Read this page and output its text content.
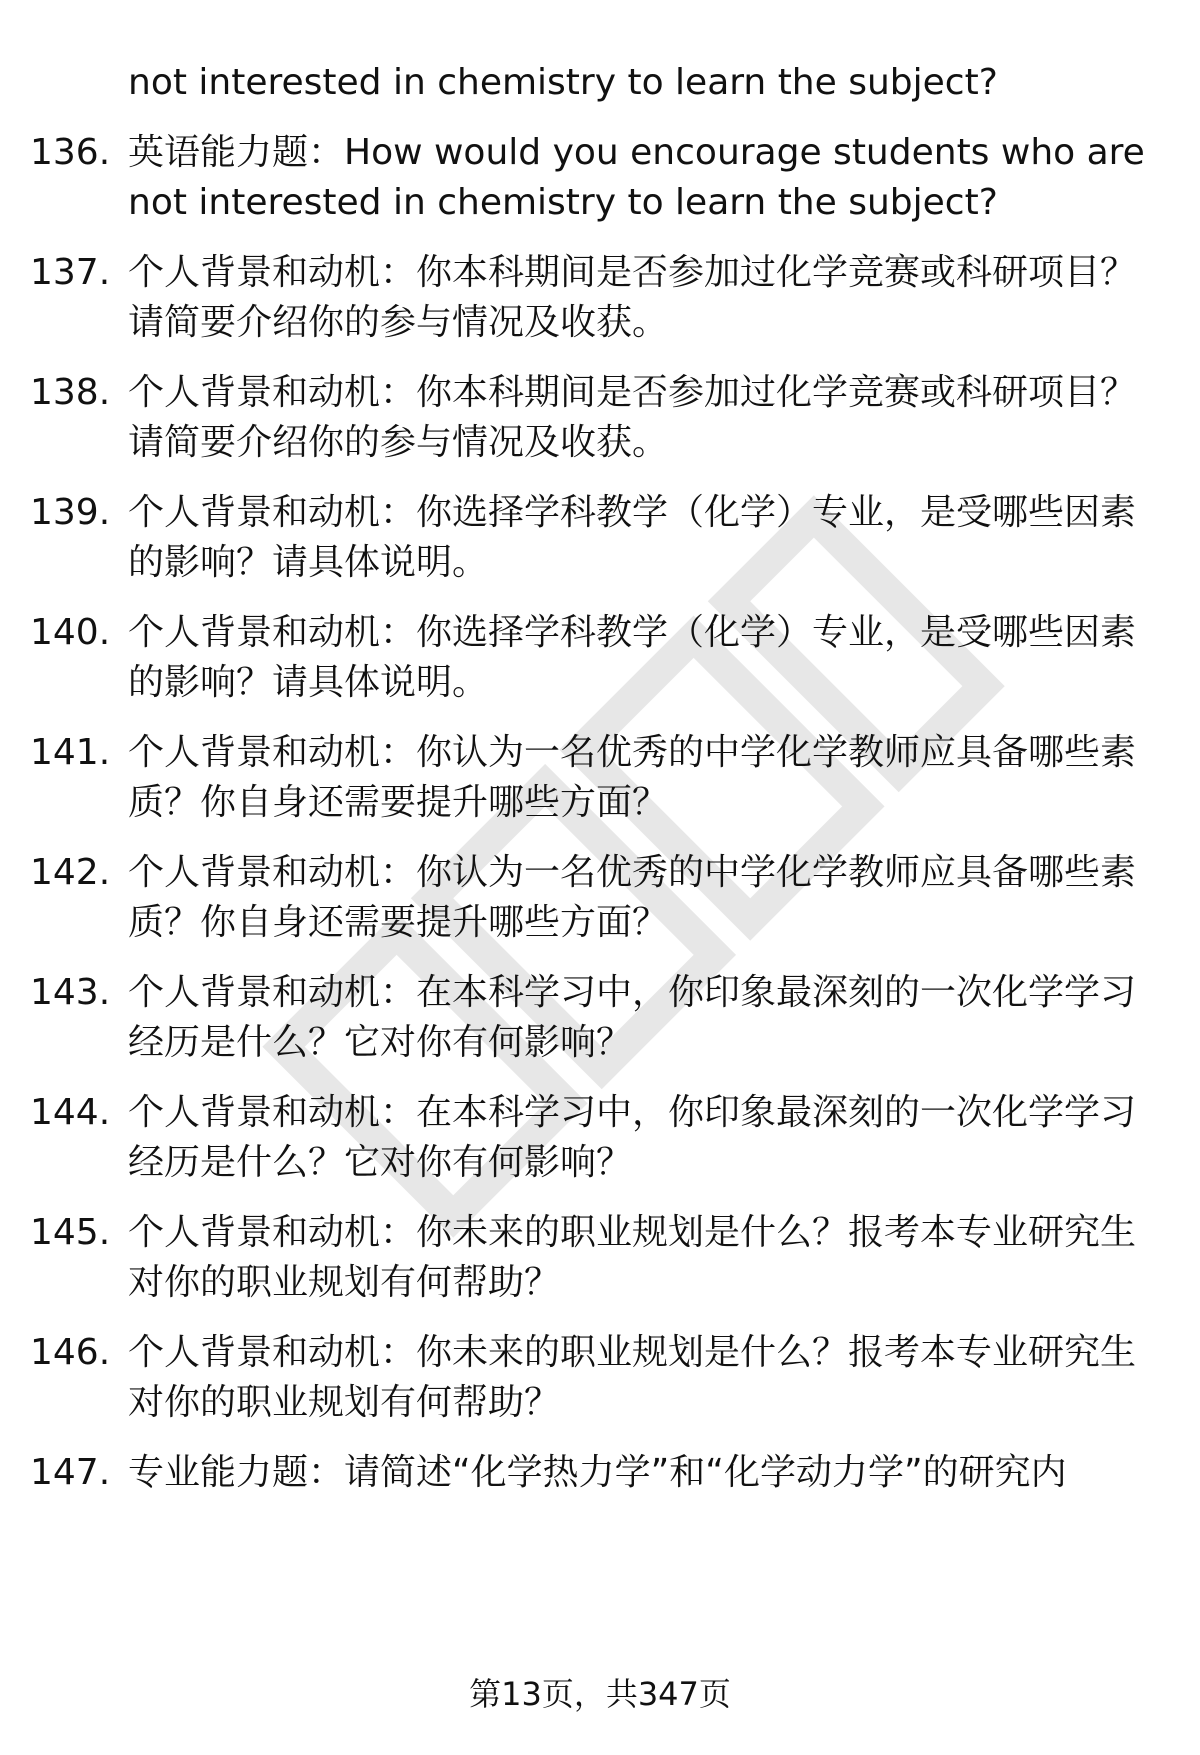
not interested in chemistry to learn the subject?
136. 英语能力题：How would you encourage students who are
not interested in chemistry to learn the subject?
137. 个人背景和动机：你本科期间是否参加过化学竞赛或科研项目？
请简要介绍你的参与情况及收获。
138. 个人背景和动机：你本科期间是否参加过化学竞赛或科研项目？
请简要介绍你的参与情况及收获。
139. 个人背景和动机：你选择学科教学（化学）专业，是受哪些因素
的影响？请具体说明。
140. 个人背景和动机：你选择学科教学（化学）专业，是受哪些因素
的影响？请具体说明。
141. 个人背景和动机：你认为一名优秀的中学化学教师应具备哪些素
质？你自身还需要提升哪些方面？
142. 个人背景和动机：你认为一名优秀的中学化学教师应具备哪些素
质？你自身还需要提升哪些方面？
143. 个人背景和动机：在本科学习中，你印象最深刻的一次化学学习
经历是什么？它对你有何影响？
144. 个人背景和动机：在本科学习中，你印象最深刻的一次化学学习
经历是什么？它对你有何影响？
145. 个人背景和动机：你未来的职业规划是什么？报考本专业研究生
对你的职业规划有何帮助？
146. 个人背景和动机：你未来的职业规划是什么？报考本专业研究生
对你的职业规划有何帮助？
147. 专业能力题：请简述“化学热力学”和“化学动力学”的研究内
第13页，共347页
